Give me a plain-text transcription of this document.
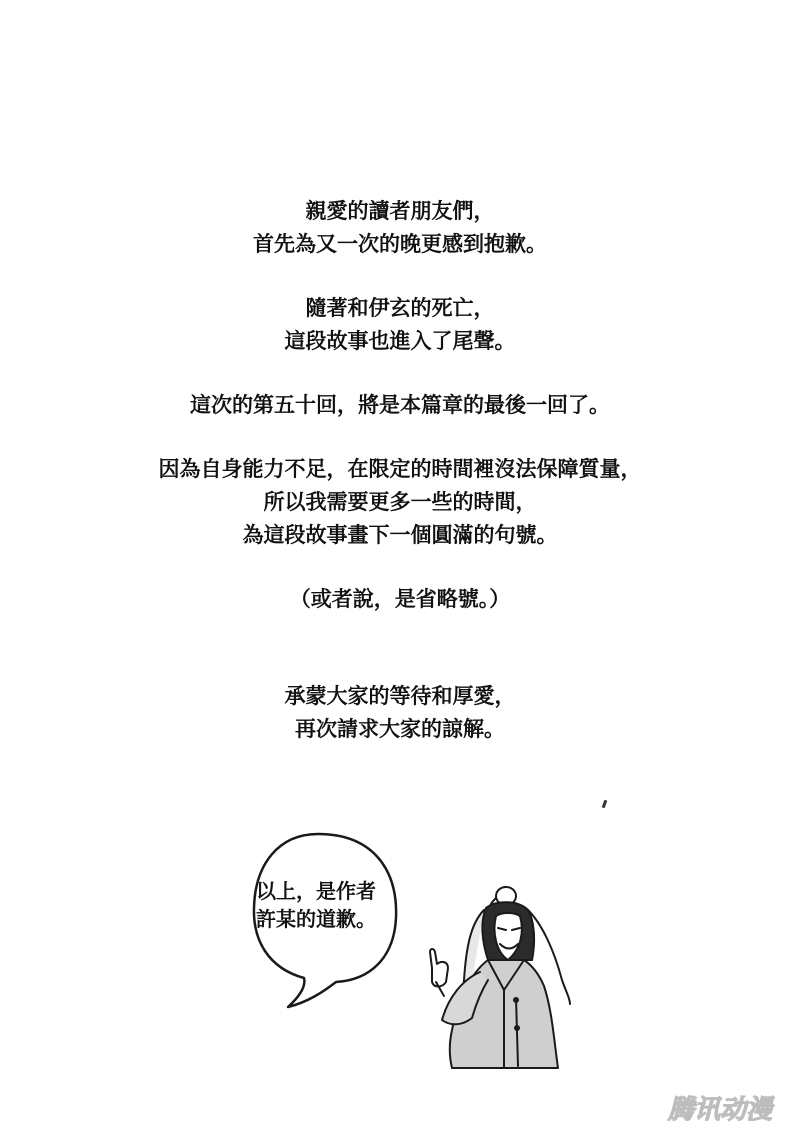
親愛的讀者朋友們，
首先為又一次的晚更感到抱歉。
隨著和伊玄的死亡，
這段故事也進入了尾聲。
這次的第五十回，將是本篇章的最後一回了。
因為自身能力不足，在限定的時間裡沒法保障質量，
所以我需要更多一些的時間，
為這段故事畫下一個圓滿的句號。
（或者說，是省略號。）
承蒙大家的等待和厚愛，
再次請求大家的諒解。
以上，是作者
許某的道歉。
腾讯动漫
